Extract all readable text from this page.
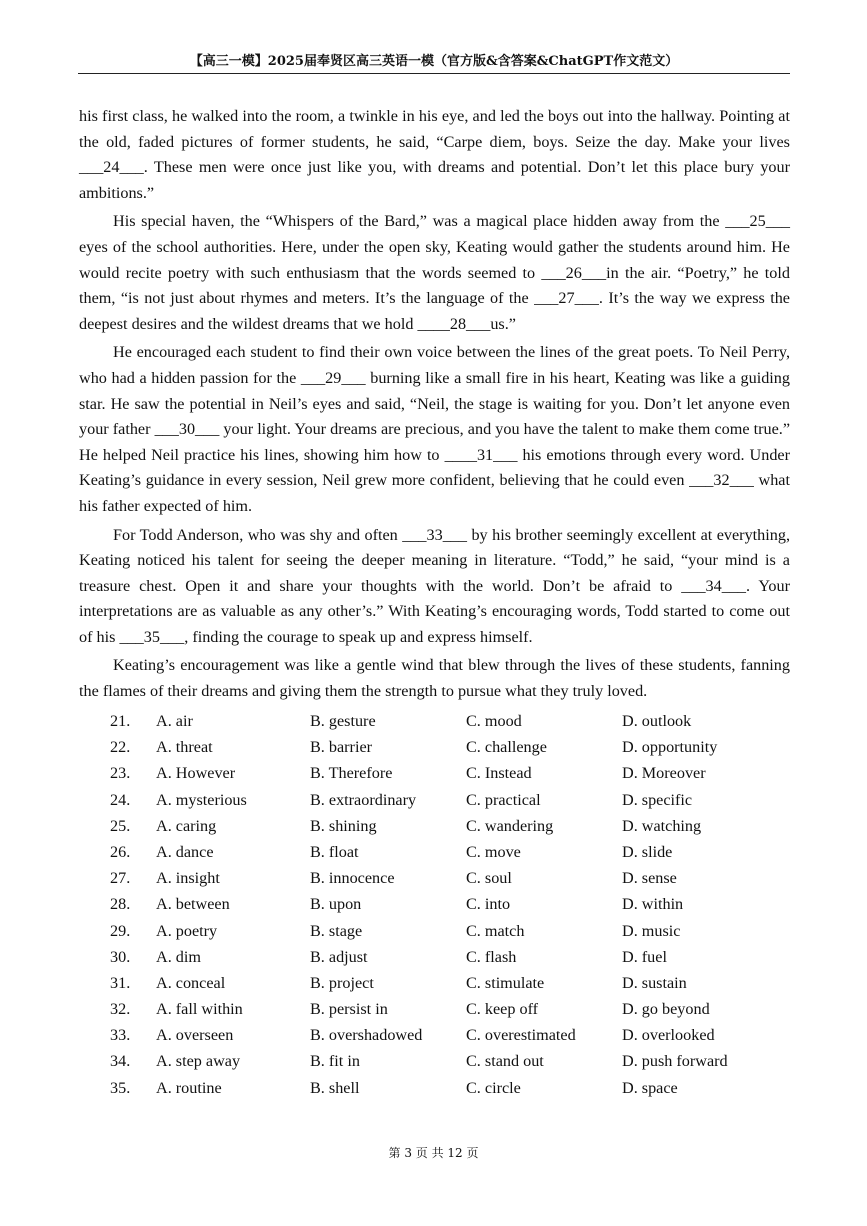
【高三一模】2025届奉贤区高三英语一模（官方版&含答案&ChatGPT作文范文）

his first class, he walked into the room, a twinkle in his eye, and led the boys out into the hallway. Pointing at the old, faded pictures of former students, he said, “Carpe diem, boys. Seize the day. Make your lives ___24___. These men were once just like you, with dreams and potential. Don’t let this place bury your ambitions.”

His special haven, the “Whispers of the Bard,” was a magical place hidden away from the ___25___ eyes of the school authorities. Here, under the open sky, Keating would gather the students around him. He would recite poetry with such enthusiasm that the words seemed to ___26___in the air. “Poetry,” he told them, “is not just about rhymes and meters. It’s the language of the ___27___. It’s the way we express the deepest desires and the wildest dreams that we hold ____28___us.”

He encouraged each student to find their own voice between the lines of the great poets. To Neil Perry, who had a hidden passion for the ___29___ burning like a small fire in his heart, Keating was like a guiding star. He saw the potential in Neil’s eyes and said, “Neil, the stage is waiting for you. Don’t let anyone even your father ___30___ your light. Your dreams are precious, and you have the talent to make them come true.” He helped Neil practice his lines, showing him how to ____31___ his emotions through every word. Under Keating’s guidance in every session, Neil grew more confident, believing that he could even ___32___ what his father expected of him.

For Todd Anderson, who was shy and often ___33___ by his brother seemingly excellent at everything, Keating noticed his talent for seeing the deeper meaning in literature. “Todd,” he said, “your mind is a treasure chest. Open it and share your thoughts with the world. Don’t be afraid to ___34___. Your interpretations are as valuable as any other’s.” With Keating’s encouraging words, Todd started to come out of his ___35___, finding the courage to speak up and express himself.

Keating’s encouragement was like a gentle wind that blew through the lives of these students, fanning the flames of their dreams and giving them the strength to pursue what they truly loved.

21. A. air	B. gesture	C. mood	D. outlook
22. A. threat	B. barrier	C. challenge	D. opportunity
23. A. However	B. Therefore	C. Instead	D. Moreover
24. A. mysterious	B. extraordinary	C. practical	D. specific
25. A. caring	B. shining	C. wandering	D. watching
26. A. dance	B. float	C. move	D. slide
27. A. insight	B. innocence	C. soul	D. sense
28. A. between	B. upon	C. into	D. within
29. A. poetry	B. stage	C. match	D. music
30. A. dim	B. adjust	C. flash	D. fuel
31. A. conceal	B. project	C. stimulate	D. sustain
32. A. fall within	B. persist in	C. keep off	D. go beyond
33. A. overseen	B. overshadowed	C. overestimated	D. overlooked
34. A. step away	B. fit in	C. stand out	D. push forward
35. A. routine	B. shell	C. circle	D. space
第 3 页 共 12 页
